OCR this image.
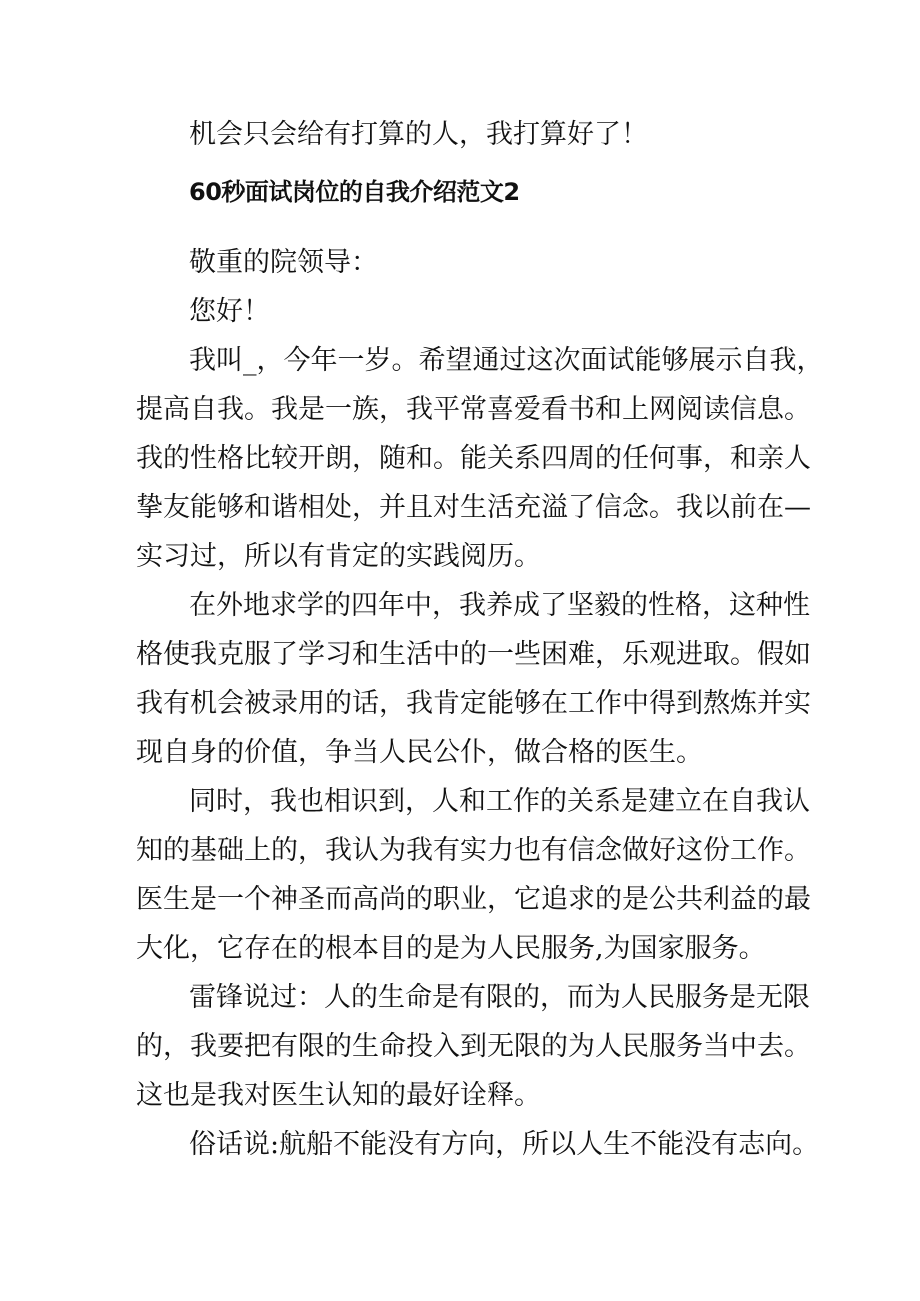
机会只会给有打算的人，我打算好了！
60秒面试岗位的自我介绍范文2
敬重的院领导：
您好！
我叫_，今年一岁。希望通过这次面试能够展示自我，
提高自我。我是一族，我平常喜爱看书和上网阅读信息。
我的性格比较开朗，随和。能关系四周的任何事，和亲人
挚友能够和谐相处，并且对生活充溢了信念。我以前在—
实习过，所以有肯定的实践阅历。
在外地求学的四年中，我养成了坚毅的性格，这种性
格使我克服了学习和生活中的一些困难，乐观进取。假如
我有机会被录用的话，我肯定能够在工作中得到熬炼并实
现自身的价值，争当人民公仆，做合格的医生。
同时，我也相识到，人和工作的关系是建立在自我认
知的基础上的，我认为我有实力也有信念做好这份工作。
医生是一个神圣而高尚的职业，它追求的是公共利益的最
大化，它存在的根本目的是为人民服务,为国家服务。
雷锋说过：人的生命是有限的，而为人民服务是无限
的，我要把有限的生命投入到无限的为人民服务当中去。
这也是我对医生认知的最好诠释。
俗话说:航船不能没有方向，所以人生不能没有志向。
